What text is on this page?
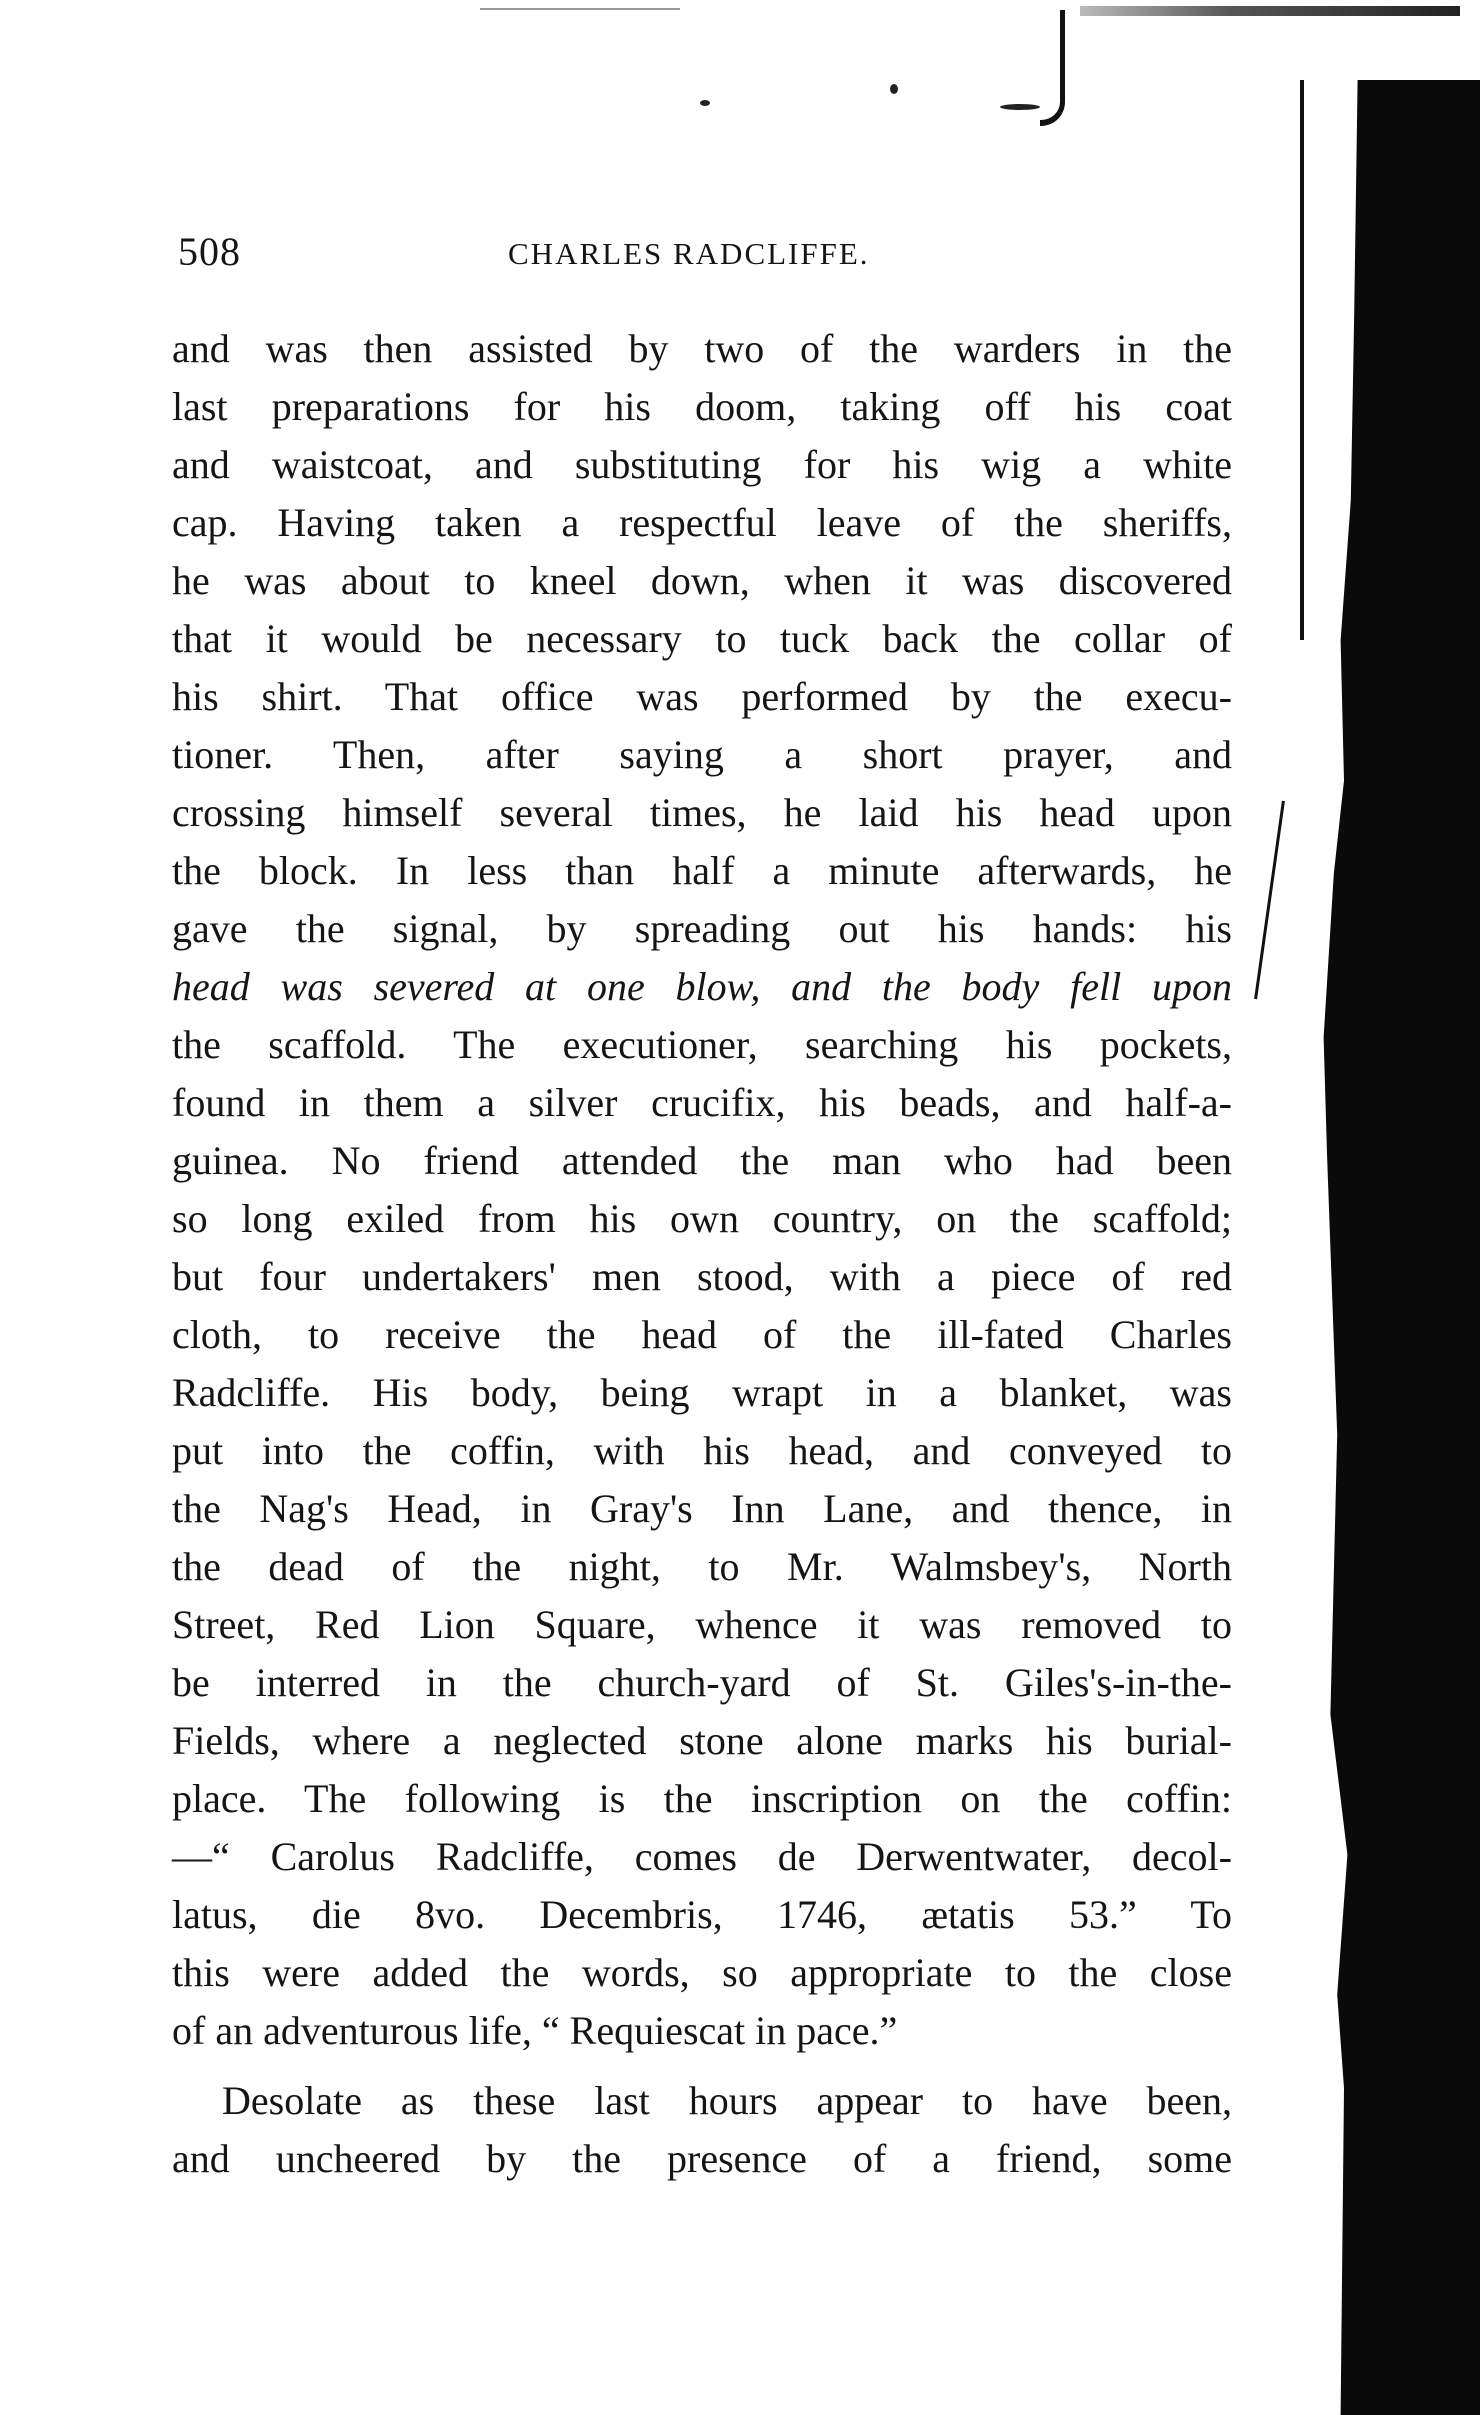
508	CHARLES RADCLIFFE.
and was then assisted by two of the warders in the
last preparations for his doom, taking off his coat
and waistcoat, and substituting for his wig a white
cap. Having taken a respectful leave of the sheriffs,
he was about to kneel down, when it was discovered
that it would be necessary to tuck back the collar of
his shirt. That office was performed by the execu-
tioner. Then, after saying a short prayer, and
crossing himself several times, he laid his head upon
the block. In less than half a minute afterwards, he
gave the signal, by spreading out his hands: his
head was severed at one blow, and the body fell upon
the scaffold. The executioner, searching his pockets,
found in them a silver crucifix, his beads, and half-a-
guinea. No friend attended the man who had been
so long exiled from his own country, on the scaffold;
but four undertakers' men stood, with a piece of red
cloth, to receive the head of the ill-fated Charles
Radcliffe. His body, being wrapt in a blanket, was
put into the coffin, with his head, and conveyed to
the Nag's Head, in Gray's Inn Lane, and thence, in
the dead of the night, to Mr. Walmsbey's, North
Street, Red Lion Square, whence it was removed to
be interred in the church-yard of St. Giles's-in-the-
Fields, where a neglected stone alone marks his burial-
place. The following is the inscription on the coffin:
—“ Carolus Radcliffe, comes de Derwentwater, decol-
latus, die 8vo. Decembris, 1746, ætatis 53.” To
this were added the words, so appropriate to the close
of an adventurous life, “ Requiescat in pace.”
Desolate as these last hours appear to have been,
and uncheered by the presence of a friend, some
